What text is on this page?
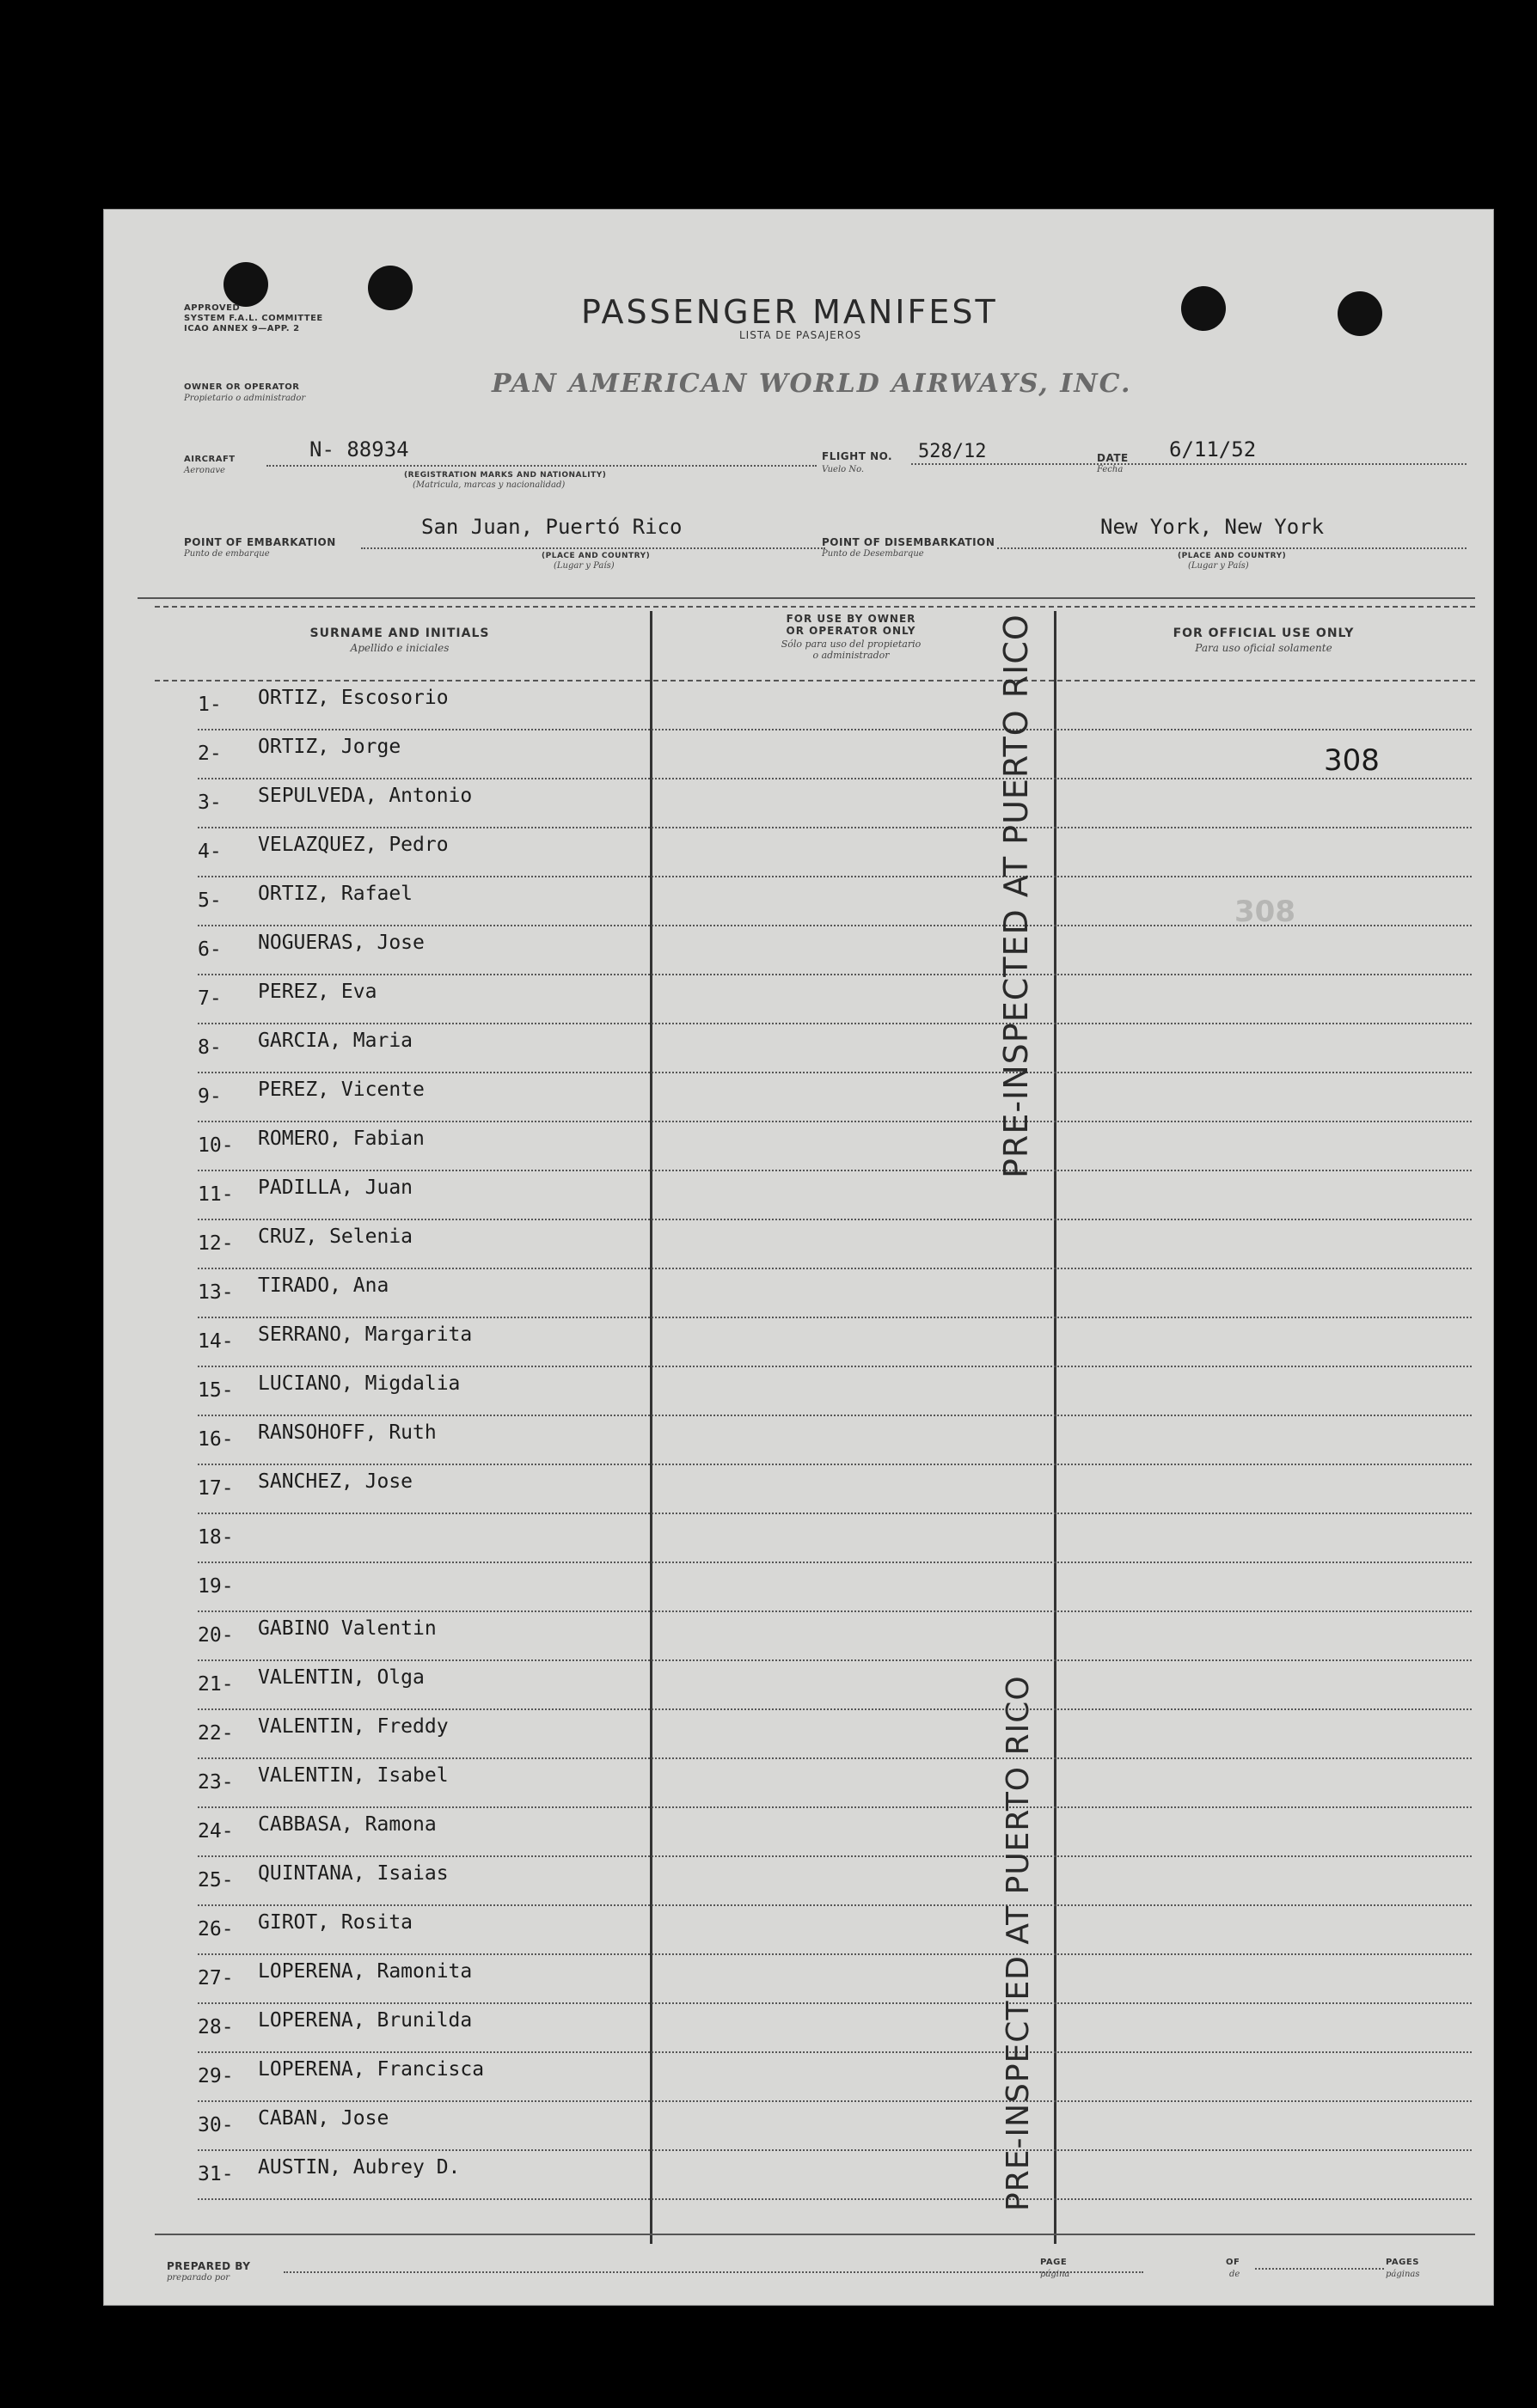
APPROVED
SYSTEM F.A.L. COMMITTEE
ICAO ANNEX 9—APP. 2	PASSENGER MANIFEST
LISTA DE PASAJEROS
OWNER OR OPERATOR
Propietario o administrador	PAN AMERICAN WORLD AIRWAYS, INC.
AIRCRAFT
Aeronave
N- 88934
(REGISTRATION MARKS AND NATIONALITY)
(Matricula, marcas y nacionalidad)
FLIGHT NO.
Vuelo No.
528/12	DATE
Fecha
6/11/52
POINT OF EMBARKATION
Punto de embarque
San Juan, Puertó Rico
(PLACE AND COUNTRY)
(Lugar y País)
POINT OF DISEMBARKATION
Punto de Desembarque
New York, New York
(PLACE AND COUNTRY)
(Lugar y País)
SURNAME AND INITIALS
Apellido e iniciales
FOR USE BY OWNER
OR OPERATOR ONLY
Sólo para uso del propietario
o administrador
FOR OFFICIAL USE ONLY
Para uso oficial solamente
1-	ORTIZ, Escosorio
2-	ORTIZ, Jorge
3-	SEPULVEDA, Antonio
4-	VELAZQUEZ, Pedro
5-	ORTIZ, Rafael
6-	NOGUERAS, Jose
7-	PEREZ, Eva
8-	GARCIA, Maria
9-	PEREZ, Vicente
10-	ROMERO, Fabian
11-	PADILLA, Juan
12-	CRUZ, Selenia
13-	TIRADO, Ana
14-	SERRANO, Margarita
15-	LUCIANO, Migdalia
16-	RANSOHOFF, Ruth
17-	SANCHEZ, Jose
18-
19-
20-	GABINO Valentin
21-	VALENTIN, Olga
22-	VALENTIN, Freddy
23-	VALENTIN, Isabel
24-	CABBASA, Ramona
25-	QUINTANA, Isaias
26-	GIROT, Rosita
27-	LOPERENA, Ramonita
28-	LOPERENA, Brunilda
29-	LOPERENA, Francisca
30-	CABAN, Jose
31-	AUSTIN, Aubrey D.
308
308
PRE-INSPECTED AT PUERTO RICO
PRE-INSPECTED AT PUERTO RICO
PREPARED BY
preparado por
PAGE
página
OF
de
PAGES
páginas
